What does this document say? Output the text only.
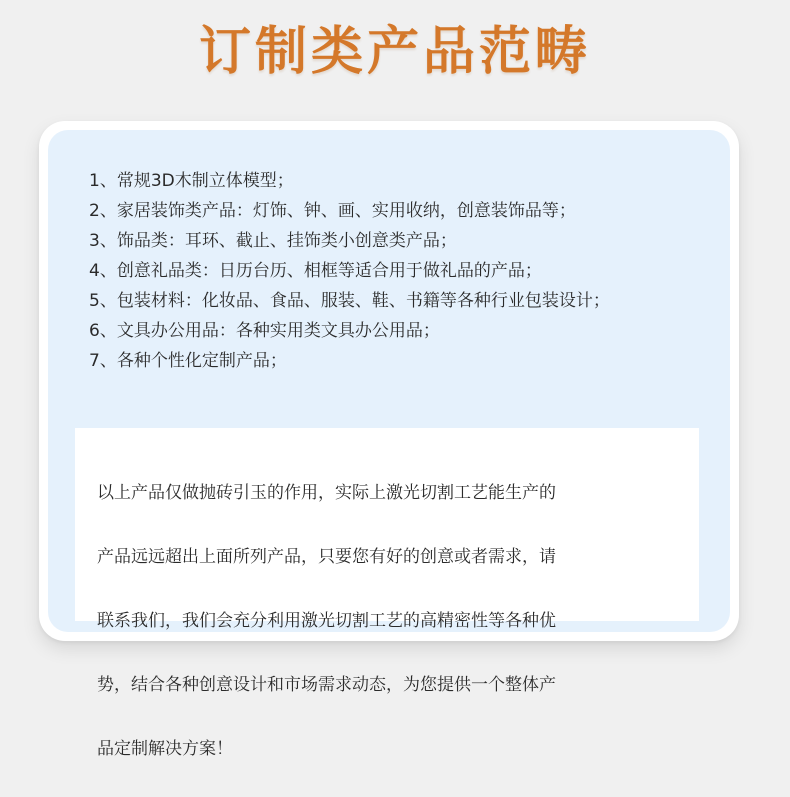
订制类产品范畴
1、常规3D木制立体模型；
2、家居装饰类产品：灯饰、钟、画、实用收纳，创意装饰品等；
3、饰品类：耳环、截止、挂饰类小创意类产品；
4、创意礼品类：日历台历、相框等适合用于做礼品的产品；
5、包装材料：化妆品、食品、服装、鞋、书籍等各种行业包装设计；
6、文具办公用品：各种实用类文具办公用品；
7、各种个性化定制产品；

以上产品仅做抛砖引玉的作用，实际上激光切割工艺能生产的

产品远远超出上面所列产品，只要您有好的创意或者需求，请

联系我们，我们会充分利用激光切割工艺的高精密性等各种优

势，结合各种创意设计和市场需求动态，为您提供一个整体产

品定制解决方案！
